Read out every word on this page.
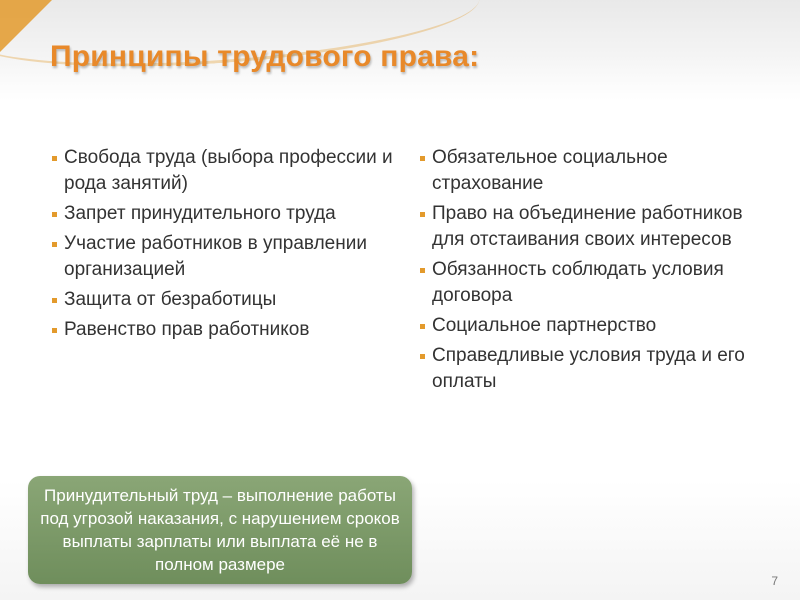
Принципы трудового права:
Свобода труда (выбора профессии и рода занятий)
Запрет принудительного труда
Участие работников в управлении организацией
Защита от безработицы
Равенство прав работников
Обязательное социальное страхование
Право на объединение работников для отстаивания своих интересов
Обязанность соблюдать условия договора
Социальное партнерство
Справедливые условия труда и его оплаты
Принудительный труд – выполнение работы под угрозой наказания, с нарушением сроков выплаты зарплаты или выплата её не в полном размере
7
